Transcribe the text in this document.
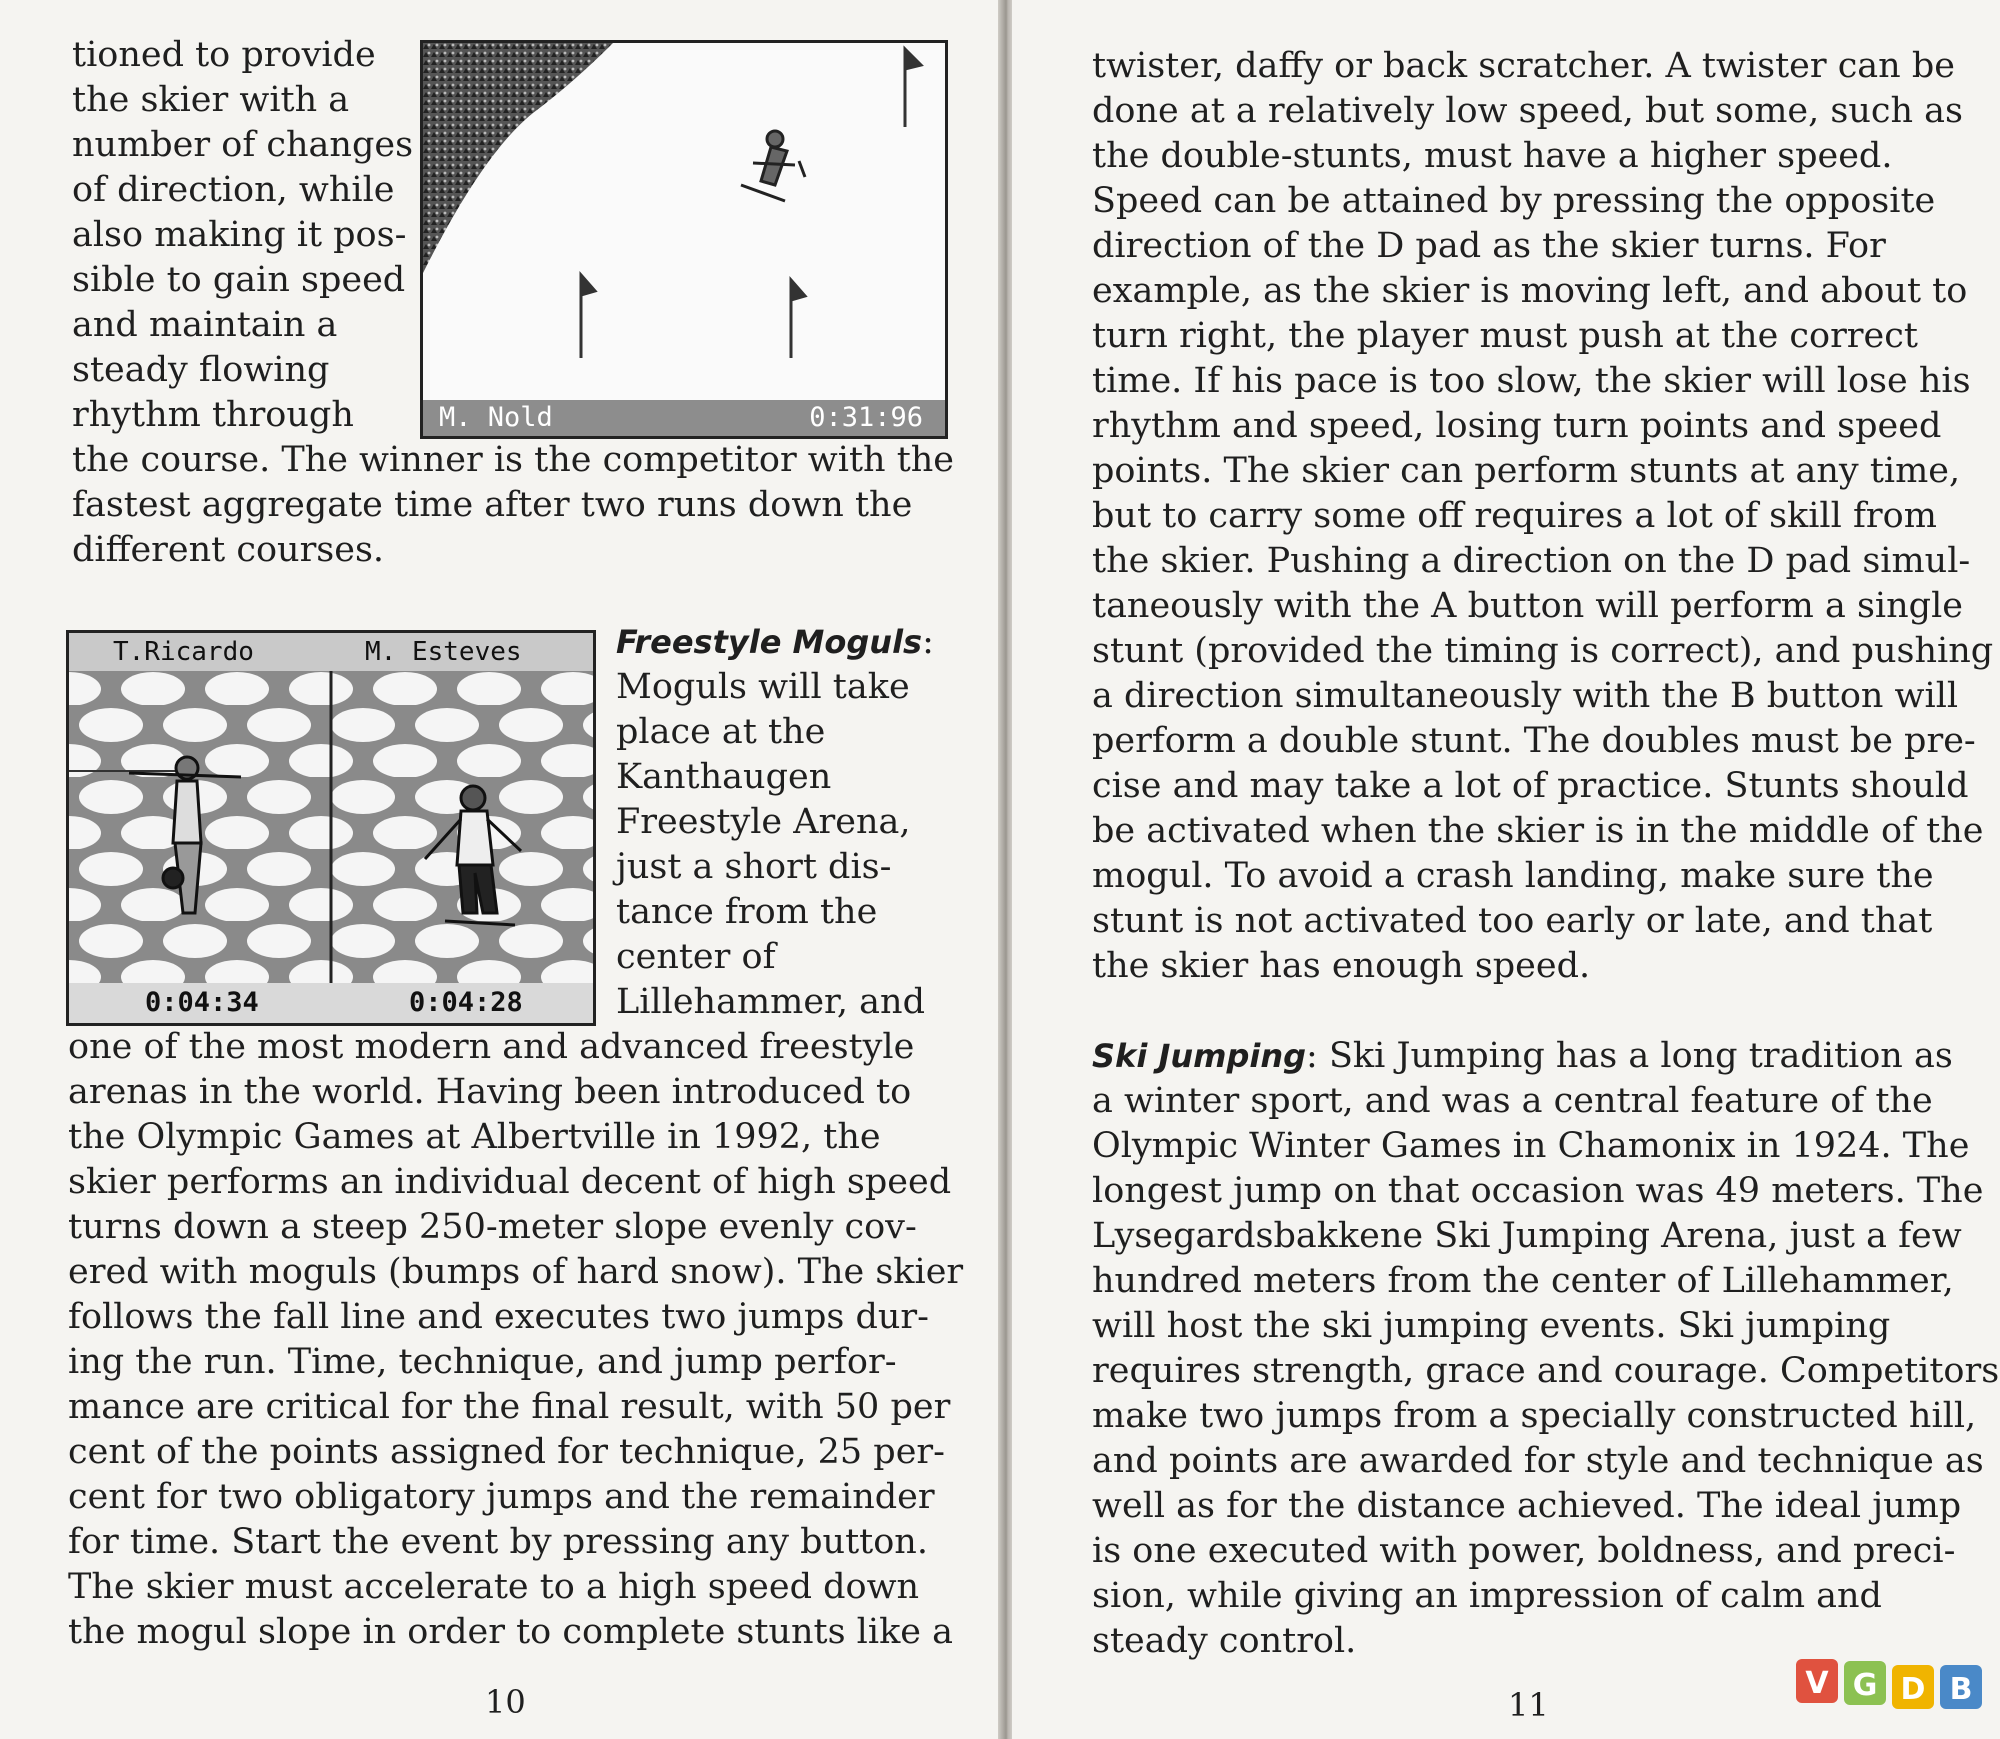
tioned to provide
the skier with a
number of changes
of direction, while
also making it pos-
sible to gain speed
and maintain a
steady flowing
rhythm through	M. Nold	0:31:96
the course. The winner is the competitor with the
fastest aggregate time after two runs down the
different courses.
T.Ricardo	M. Esteves
0:04:34	0:04:28
Freestyle Moguls:
Moguls will take
place at the
Kanthaugen
Freestyle Arena,
just a short dis-
tance from the
center of
Lillehammer, and
one of the most modern and advanced freestyle
arenas in the world. Having been introduced to
the Olympic Games at Albertville in 1992, the
skier performs an individual decent of high speed
turns down a steep 250-meter slope evenly cov-
ered with moguls (bumps of hard snow). The skier
follows the fall line and executes two jumps dur-
ing the run. Time, technique, and jump perfor-
mance are critical for the final result, with 50 per
cent of the points assigned for technique, 25 per-
cent for two obligatory jumps and the remainder
for time. Start the event by pressing any button.
The skier must accelerate to a high speed down
the mogul slope in order to complete stunts like a
10
twister, daffy or back scratcher. A twister can be
done at a relatively low speed, but some, such as
the double-stunts, must have a higher speed.
Speed can be attained by pressing the opposite
direction of the D pad as the skier turns. For
example, as the skier is moving left, and about to
turn right, the player must push at the correct
time. If his pace is too slow, the skier will lose his
rhythm and speed, losing turn points and speed
points. The skier can perform stunts at any time,
but to carry some off requires a lot of skill from
the skier. Pushing a direction on the D pad simul-
taneously with the A button will perform a single
stunt (provided the timing is correct), and pushing
a direction simultaneously with the B button will
perform a double stunt. The doubles must be pre-
cise and may take a lot of practice. Stunts should
be activated when the skier is in the middle of the
mogul. To avoid a crash landing, make sure the
stunt is not activated too early or late, and that
the skier has enough speed.
Ski Jumping: Ski Jumping has a long tradition as
a winter sport, and was a central feature of the
Olympic Winter Games in Chamonix in 1924. The
longest jump on that occasion was 49 meters. The
Lysegardsbakkene Ski Jumping Arena, just a few
hundred meters from the center of Lillehammer,
will host the ski jumping events. Ski jumping
requires strength, grace and courage. Competitors
make two jumps from a specially constructed hill,
and points are awarded for style and technique as
well as for the distance achieved. The ideal jump
is one executed with power, boldness, and preci-
sion, while giving an impression of calm and
steady control.
11
V G D B
